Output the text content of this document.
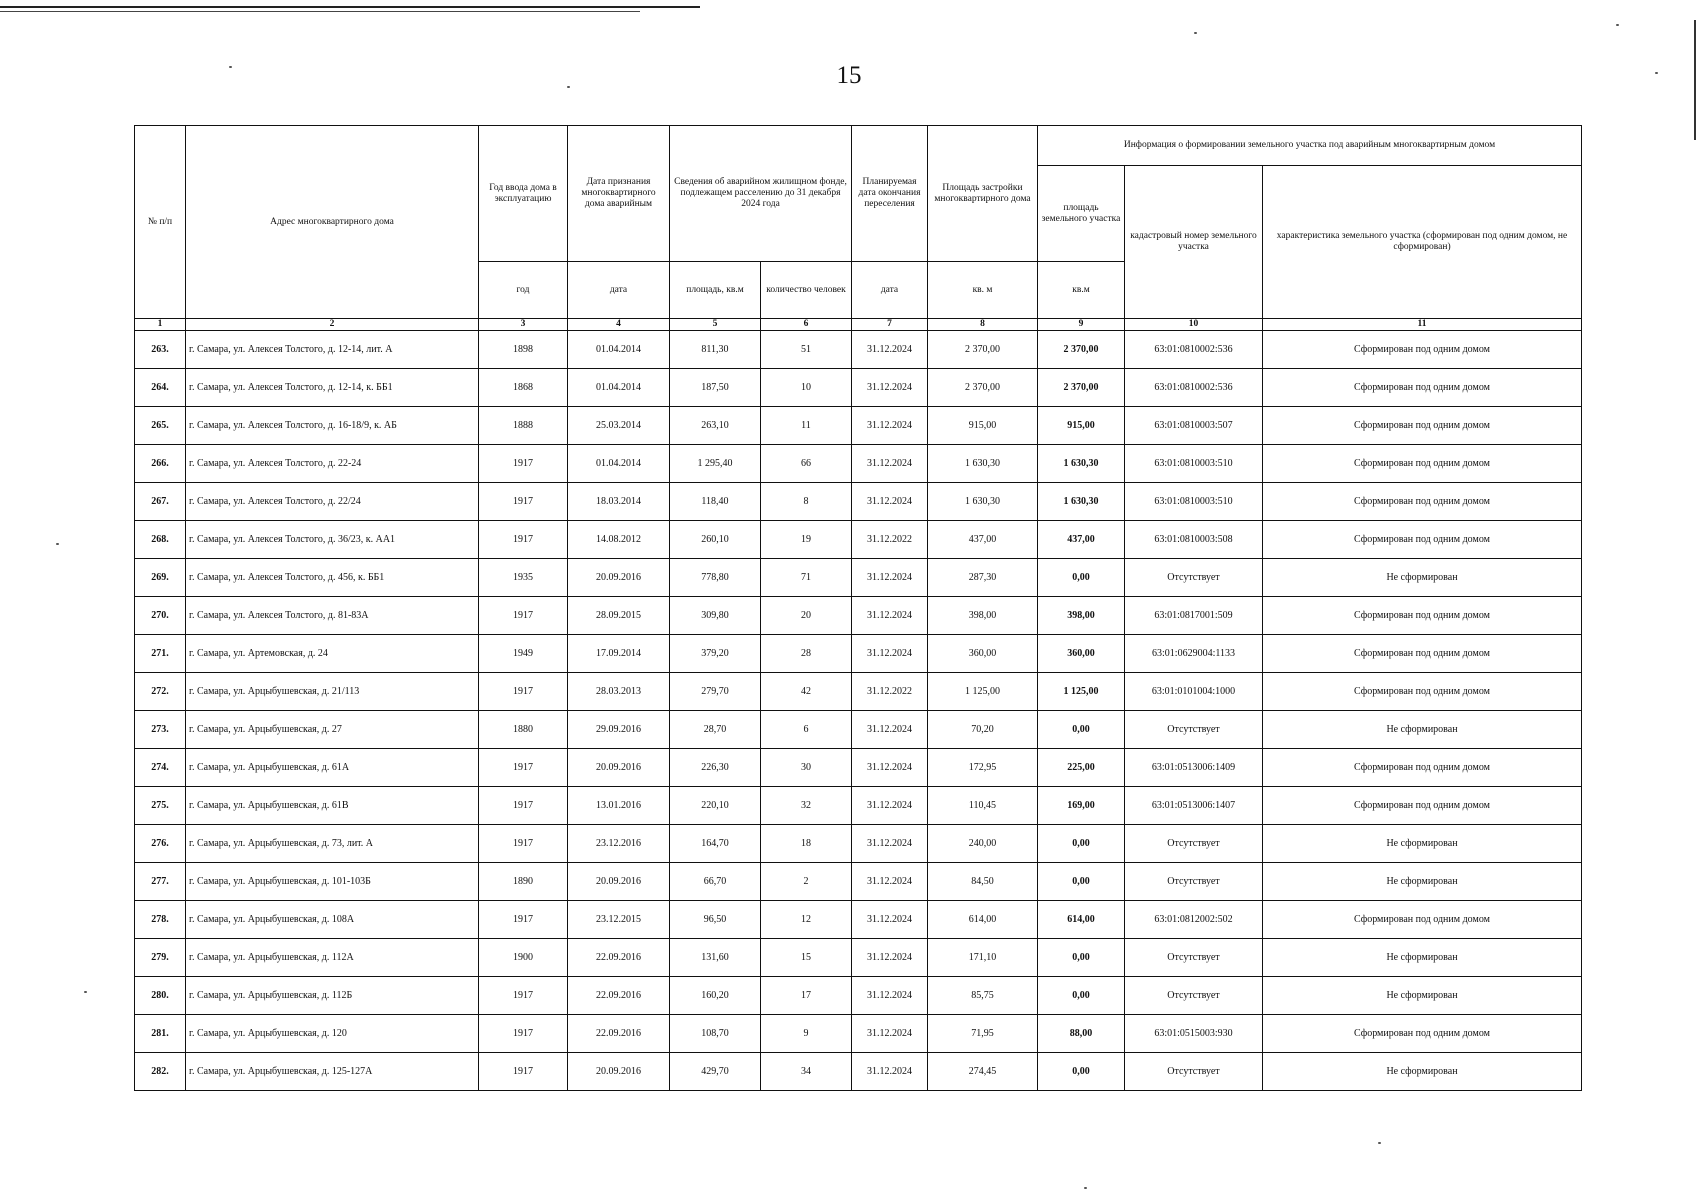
15
№ п/п	Адрес многоквартирного дома	Год ввода дома в эксплуатацию	Дата признания многоквартирного дома аварийным	Сведения об аварийном жилищном фонде, подлежащем расселению до 31 декабря 2024 года		Планируемая дата окончания переселения	Площадь застройки многоквартирного дома	Информация о формировании земельного участка под аварийным многоквартирным домом		
								площадь земельного участка	кадастровый номер земельного участка	характеристика земельного участка (сформирован под одним домом, не сформирован)
		год	дата	площадь, кв.м	количество человек	дата	кв. м	кв.м		
1	2	3	4	5	6	7	8	9	10	11
263.	г. Самара, ул. Алексея Толстого, д. 12-14, лит. А	1898	01.04.2014	811,30	51	31.12.2024	2 370,00	2 370,00	63:01:0810002:536	Сформирован под одним домом
264.	г. Самара, ул. Алексея Толстого, д. 12-14, к. ББ1	1868	01.04.2014	187,50	10	31.12.2024	2 370,00	2 370,00	63:01:0810002:536	Сформирован под одним домом
265.	г. Самара, ул. Алексея Толстого, д. 16-18/9, к. АБ	1888	25.03.2014	263,10	11	31.12.2024	915,00	915,00	63:01:0810003:507	Сформирован под одним домом
266.	г. Самара, ул. Алексея Толстого, д. 22-24	1917	01.04.2014	1 295,40	66	31.12.2024	1 630,30	1 630,30	63:01:0810003:510	Сформирован под одним домом
267.	г. Самара, ул. Алексея Толстого, д. 22/24	1917	18.03.2014	118,40	8	31.12.2024	1 630,30	1 630,30	63:01:0810003:510	Сформирован под одним домом
268.	г. Самара, ул. Алексея Толстого, д. 36/23, к. АА1	1917	14.08.2012	260,10	19	31.12.2022	437,00	437,00	63:01:0810003:508	Сформирован под одним домом
269.	г. Самара, ул. Алексея Толстого, д. 456, к. ББ1	1935	20.09.2016	778,80	71	31.12.2024	287,30	0,00	Отсутствует	Не сформирован
270.	г. Самара, ул. Алексея Толстого, д. 81-83А	1917	28.09.2015	309,80	20	31.12.2024	398,00	398,00	63:01:0817001:509	Сформирован под одним домом
271.	г. Самара, ул. Артемовская, д. 24	1949	17.09.2014	379,20	28	31.12.2024	360,00	360,00	63:01:0629004:1133	Сформирован под одним домом
272.	г. Самара, ул. Арцыбушевская, д. 21/113	1917	28.03.2013	279,70	42	31.12.2022	1 125,00	1 125,00	63:01:0101004:1000	Сформирован под одним домом
273.	г. Самара, ул. Арцыбушевская, д. 27	1880	29.09.2016	28,70	6	31.12.2024	70,20	0,00	Отсутствует	Не сформирован
274.	г. Самара, ул. Арцыбушевская, д. 61А	1917	20.09.2016	226,30	30	31.12.2024	172,95	225,00	63:01:0513006:1409	Сформирован под одним домом
275.	г. Самара, ул. Арцыбушевская, д. 61В	1917	13.01.2016	220,10	32	31.12.2024	110,45	169,00	63:01:0513006:1407	Сформирован под одним домом
276.	г. Самара, ул. Арцыбушевская, д. 73, лит. А	1917	23.12.2016	164,70	18	31.12.2024	240,00	0,00	Отсутствует	Не сформирован
277.	г. Самара, ул. Арцыбушевская, д. 101-103Б	1890	20.09.2016	66,70	2	31.12.2024	84,50	0,00	Отсутствует	Не сформирован
278.	г. Самара, ул. Арцыбушевская, д. 108А	1917	23.12.2015	96,50	12	31.12.2024	614,00	614,00	63:01:0812002:502	Сформирован под одним домом
279.	г. Самара, ул. Арцыбушевская, д. 112А	1900	22.09.2016	131,60	15	31.12.2024	171,10	0,00	Отсутствует	Не сформирован
280.	г. Самара, ул. Арцыбушевская, д. 112Б	1917	22.09.2016	160,20	17	31.12.2024	85,75	0,00	Отсутствует	Не сформирован
281.	г. Самара, ул. Арцыбушевская, д. 120	1917	22.09.2016	108,70	9	31.12.2024	71,95	88,00	63:01:0515003:930	Сформирован под одним домом
282.	г. Самара, ул. Арцыбушевская, д. 125-127А	1917	20.09.2016	429,70	34	31.12.2024	274,45	0,00	Отсутствует	Не сформирован
